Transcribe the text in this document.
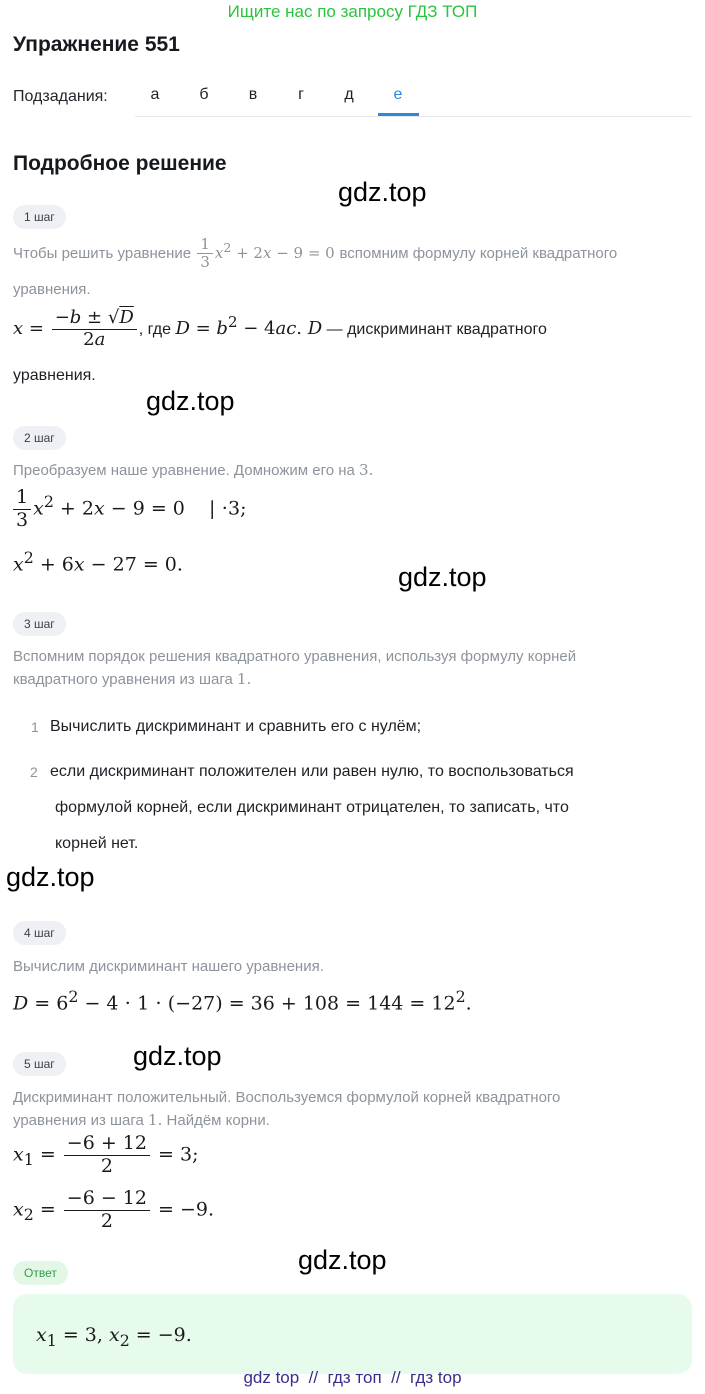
Ищите нас по запросу ГДЗ ТОП
Упражнение 551
Подзадания:	а	б	в	г	д	е
Подробное решение
gdz.top
gdz.top
gdz.top
gdz.top
gdz.top
gdz.top
1 шаг
Чтобы решить уравнение $\frac{1}{3} x^2 + 2x - 9 = 0$ вспомним формулу корней квадратного
уравнения.
$x = \frac{-b \pm √D}{2a}$ , где $D = b^2 - 4ac$. D — дискриминант квадратного
уравнения.
2 шаг
Преобразуем наше уравнение. Домножим его на 3.
$\frac{1}{3} x^2 + 2x - 9 = 0$    | ⋅3;
$x^2 + 6x - 27 = 0$.
3 шаг
Вспомним порядок решения квадратного уравнения, используя формулу корней
квадратного уравнения из шага 1.
1 Вычислить дискриминант и сравнить его с нулём;
2 если дискриминант положителен или равен нулю, то воспользоваться
формулой корней, если дискриминант отрицателен, то записать, что
корней нет.
4 шаг
Вычислим дискриминант нашего уравнения.
$D = 6^2 - 4 \cdot 1 \cdot (-27) = 36 + 108 = 144 = 12^2$.
5 шаг
Дискриминант положительный. Воспользуемся формулой корней квадратного
уравнения из шага 1. Найдём корни.
$x_1 = \frac{-6 + 12}{2} = 3$;
$x_2 = \frac{-6 - 12}{2} = -9$.
Ответ
$x_1 = 3$, $x_2 = -9$.
gdz top  //  гдз топ  //  гдз top
